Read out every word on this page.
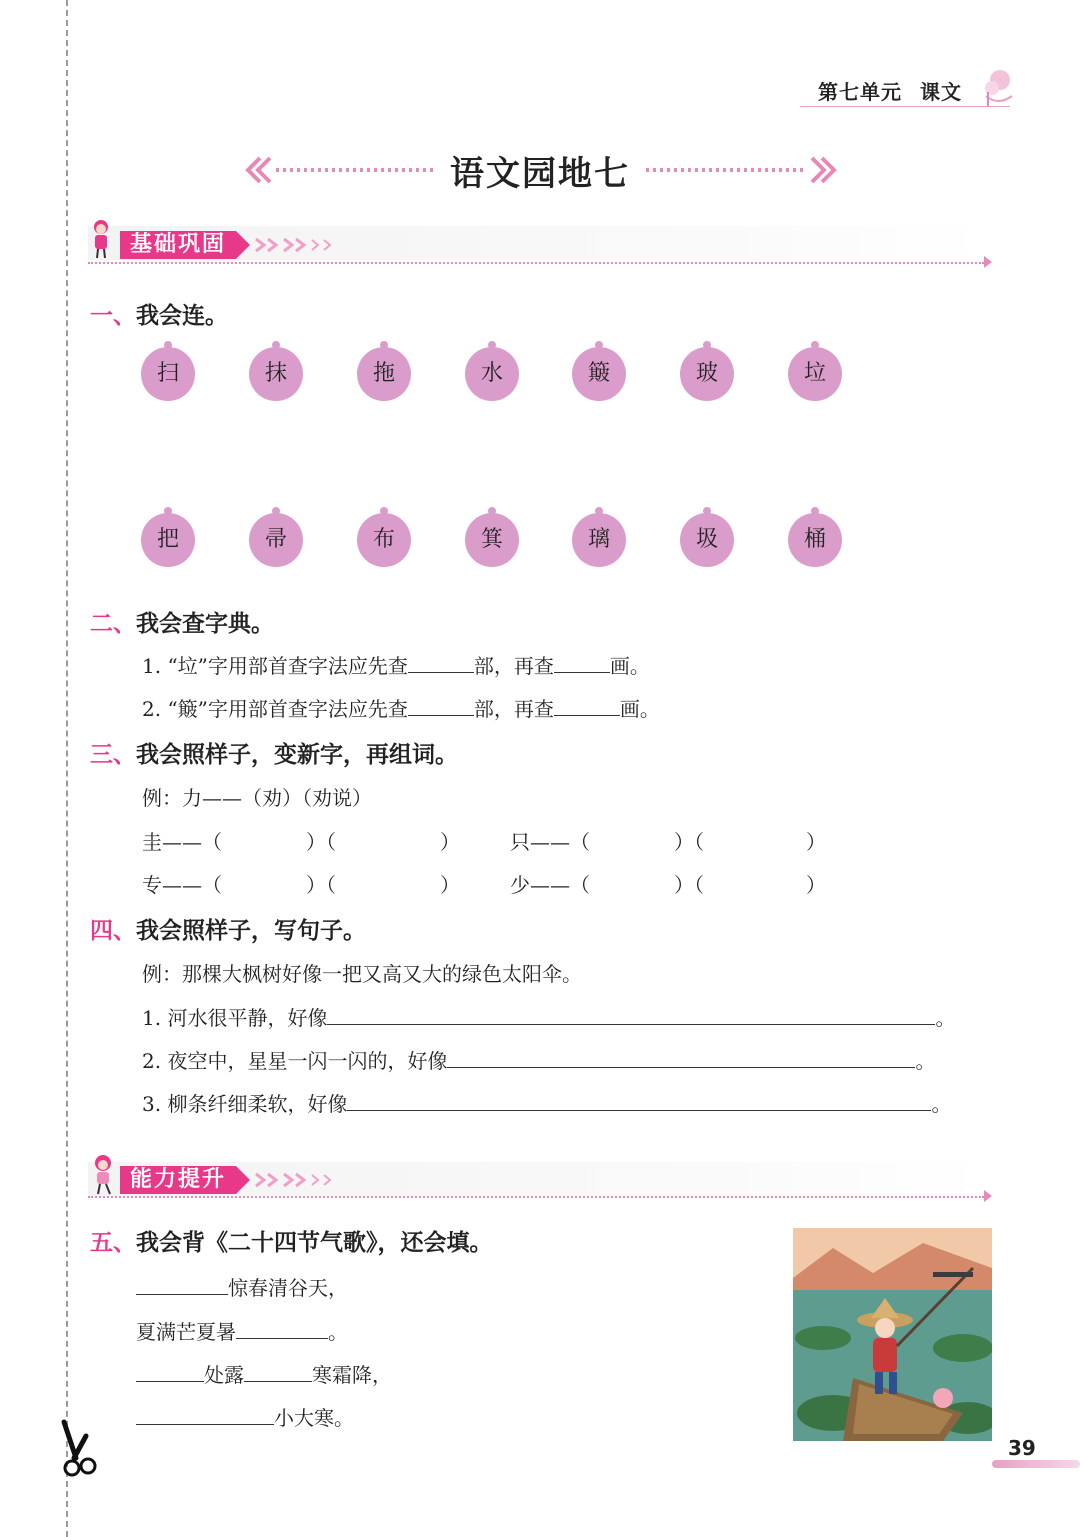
第七单元 课文
语文园地七
基础巩固
一、我会连。
扫	抹	拖	水	簸	玻	垃
把	帚	布	箕	璃	圾	桶
二、我会查字典。
1. “垃”字用部首查字法应先查	部，再查	画。
2. “簸”字用部首查字法应先查	部，再查	画。
三、我会照样子，变新字，再组词。
例：力——（劝）（劝说）
圭——（	）（	）	只——（	）（	）
专——（	）（	）	少——（	）（	）
四、我会照样子，写句子。
例：那棵大枫树好像一把又高又大的绿色太阳伞。
1. 河水很平静，好像	。
2. 夜空中，星星一闪一闪的，好像	。
3. 柳条纤细柔软，好像	。
能力提升
五、我会背《二十四节气歌》，还会填。
惊春清谷天，
夏满芒夏暑	。
处露	寒霜降，
小大寒。
39
